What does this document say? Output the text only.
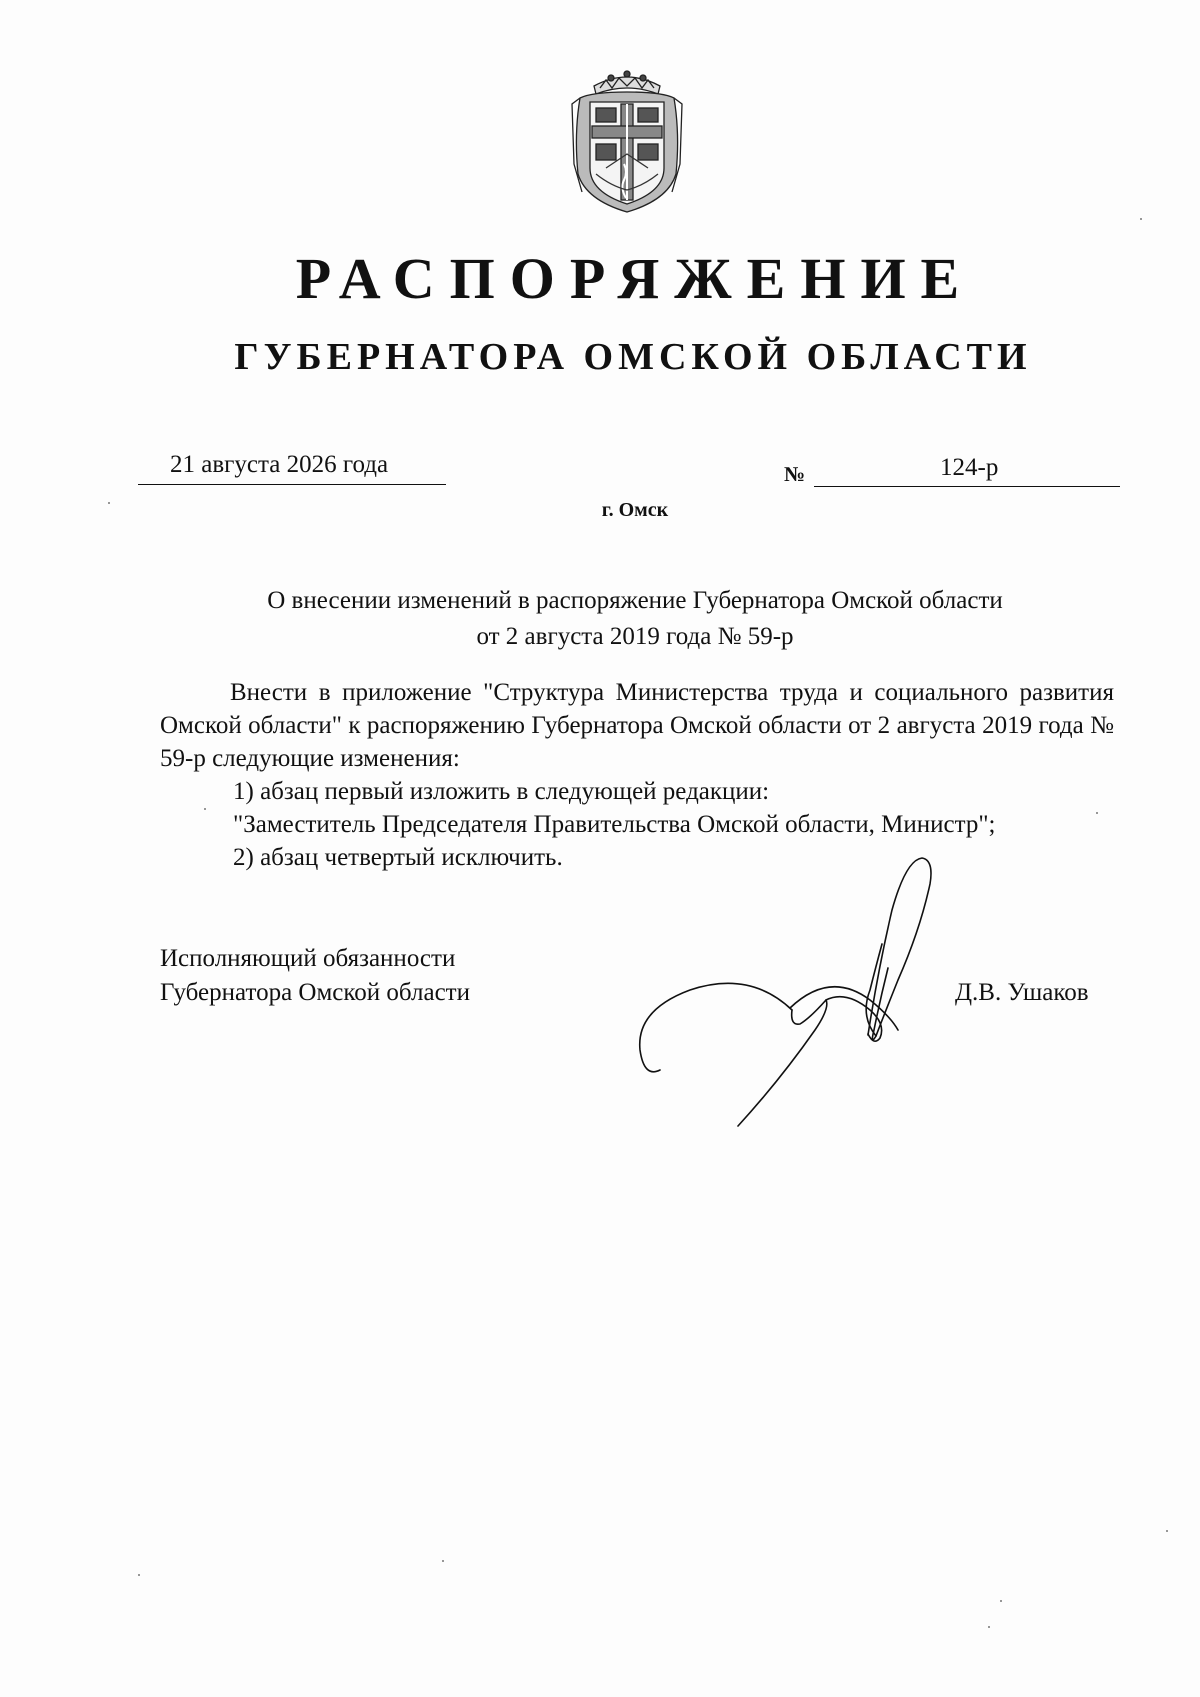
РАСПОРЯЖЕНИЕ
ГУБЕРНАТОРА ОМСКОЙ ОБЛАСТИ
21 августа 2026 года	№	124-р
г. Омск
О внесении изменений в распоряжение Губернатора Омской области
от 2 августа 2019 года № 59-р

Внести в приложение "Структура Министерства труда и социального развития Омской области" к распоряжению Губернатора Омской области от 2 августа 2019 года № 59-р следующие изменения:

1) абзац первый изложить в следующей редакции:

"Заместитель Председателя Правительства Омской области, Министр";

2) абзац четвертый исключить.

Исполняющий обязанности
Губернатора Омской области	Д.В. Ушаков
